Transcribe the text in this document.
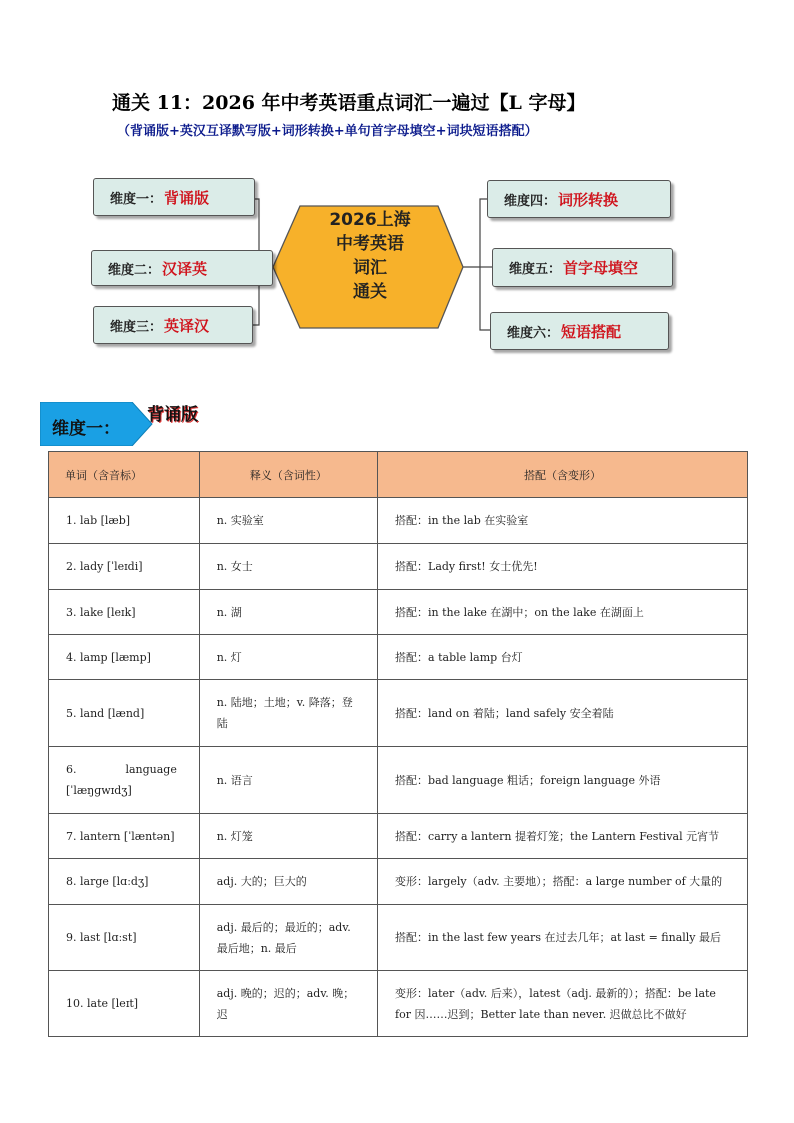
通关 11：2026 年中考英语重点词汇一遍过【L 字母】
（背诵版+英汉互译默写版+词形转换+单句首字母填空+词块短语搭配）
2026上海
中考英语
词汇
通关
维度一： 背诵版
维度二： 汉译英
维度三： 英译汉
维度四： 词形转换
维度五： 首字母填空
维度六： 短语搭配
维度一：
背诵版
单词（含音标）	释义（含词性）	搭配（含变形）
1. lab [læb]	n. 实验室	搭配：in the lab 在实验室
2. lady [ˈleɪdi]	n. 女士	搭配：Lady first! 女士优先!
3. lake [leɪk]	n. 湖	搭配：in the lake 在湖中；on the lake 在湖面上
4. lamp [læmp]	n. 灯	搭配：a table lamp 台灯
5. land [lænd]	n. 陆地；土地；v. 降落；登陆	搭配：land on 着陆；land safely 安全着陆
6.              language [ˈlæŋɡwɪdʒ]	n. 语言	搭配：bad language 粗话；foreign language 外语
7. lantern [ˈlæntən]	n. 灯笼	搭配：carry a lantern 提着灯笼；the Lantern Festival 元宵节
8. large [lɑːdʒ]	adj. 大的；巨大的	变形：largely（adv. 主要地）；搭配：a large number of 大量的
9. last [lɑːst]	adj. 最后的；最近的；adv. 最后地；n. 最后	搭配：in the last few years 在过去几年；at last = finally 最后
10. late [leɪt]	adj. 晚的；迟的；adv. 晚；迟	变形：later（adv. 后来），latest（adj. 最新的）；搭配：be late for 因……迟到；Better late than never. 迟做总比不做好
